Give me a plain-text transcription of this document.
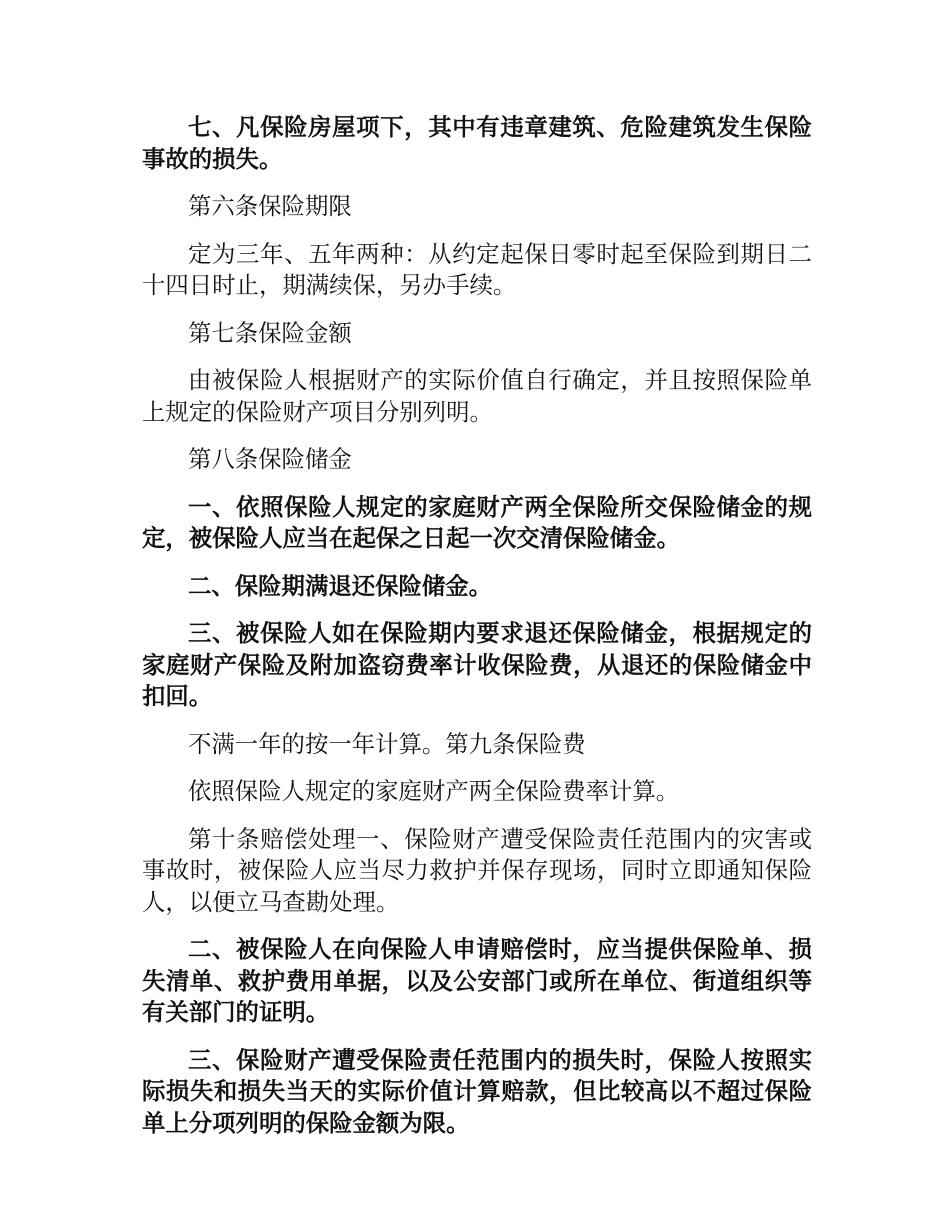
七、凡保险房屋项下，其中有违章建筑、危险建筑发生保险事故的损失。

第六条保险期限

定为三年、五年两种：从约定起保日零时起至保险到期日二十四日时止，期满续保，另办手续。

第七条保险金额

由被保险人根据财产的实际价值自行确定，并且按照保险单上规定的保险财产项目分别列明。

第八条保险储金

一、依照保险人规定的家庭财产两全保险所交保险储金的规定，被保险人应当在起保之日起一次交清保险储金。

二、保险期满退还保险储金。

三、被保险人如在保险期内要求退还保险储金，根据规定的家庭财产保险及附加盗窃费率计收保险费，从退还的保险储金中扣回。

不满一年的按一年计算。第九条保险费

依照保险人规定的家庭财产两全保险费率计算。

第十条赔偿处理一、保险财产遭受保险责任范围内的灾害或事故时，被保险人应当尽力救护并保存现场，同时立即通知保险人，以便立马查勘处理。

二、被保险人在向保险人申请赔偿时，应当提供保险单、损失清单、救护费用单据，以及公安部门或所在单位、街道组织等有关部门的证明。

三、保险财产遭受保险责任范围内的损失时，保险人按照实际损失和损失当天的实际价值计算赔款，但比较高以不超过保险单上分项列明的保险金额为限。
